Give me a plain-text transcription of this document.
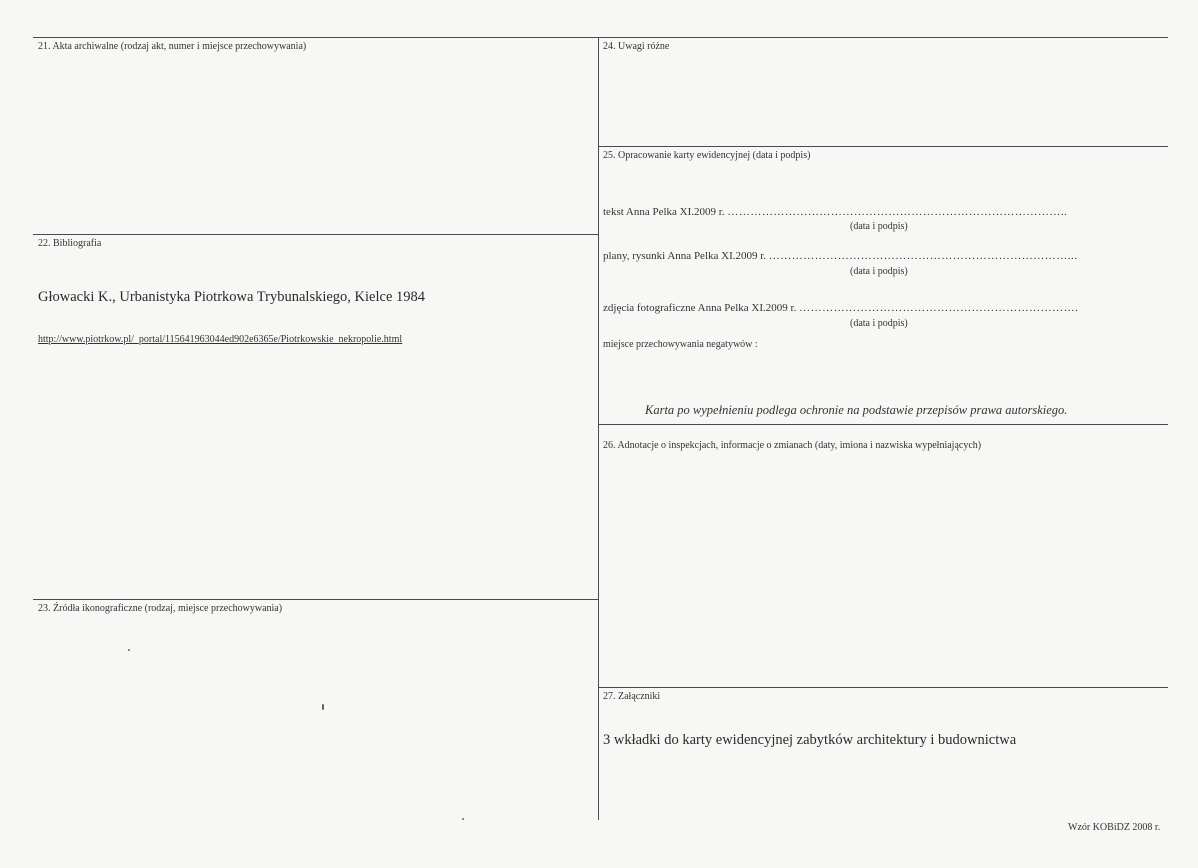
21. Akta archiwalne (rodzaj akt, numer i miejsce przechowywania)
22. Bibliografia
Głowacki K., Urbanistyka Piotrkowa Trybunalskiego, Kielce 1984
http://www.piotrkow.pl/_portal/115641963044ed902e6365e/Piotrkowskie_nekropolie.html
23. Źródła ikonograficzne (rodzaj, miejsce przechowywania)
24. Uwagi różne
25. Opracowanie karty ewidencyjnej (data i podpis)
tekst Anna Pelka XI.2009 r. ……………………………………………………………………………..
(data i podpis)
plany, rysunki Anna Pelka XI.2009 r. ……………………………………………………………………...
(data i podpis)
zdjęcia fotograficzne Anna Pelka XI.2009 r. ……………………………………………………………….
(data i podpis)
miejsce przechowywania negatywów :
Karta po wypełnieniu podlega ochronie na podstawie przepisów prawa autorskiego.
26. Adnotacje o inspekcjach, informacje o zmianach (daty, imiona i nazwiska wypełniających)
27. Załączniki
3 wkładki do karty ewidencyjnej zabytków architektury i budownictwa
Wzór KOBiDZ 2008 r.
